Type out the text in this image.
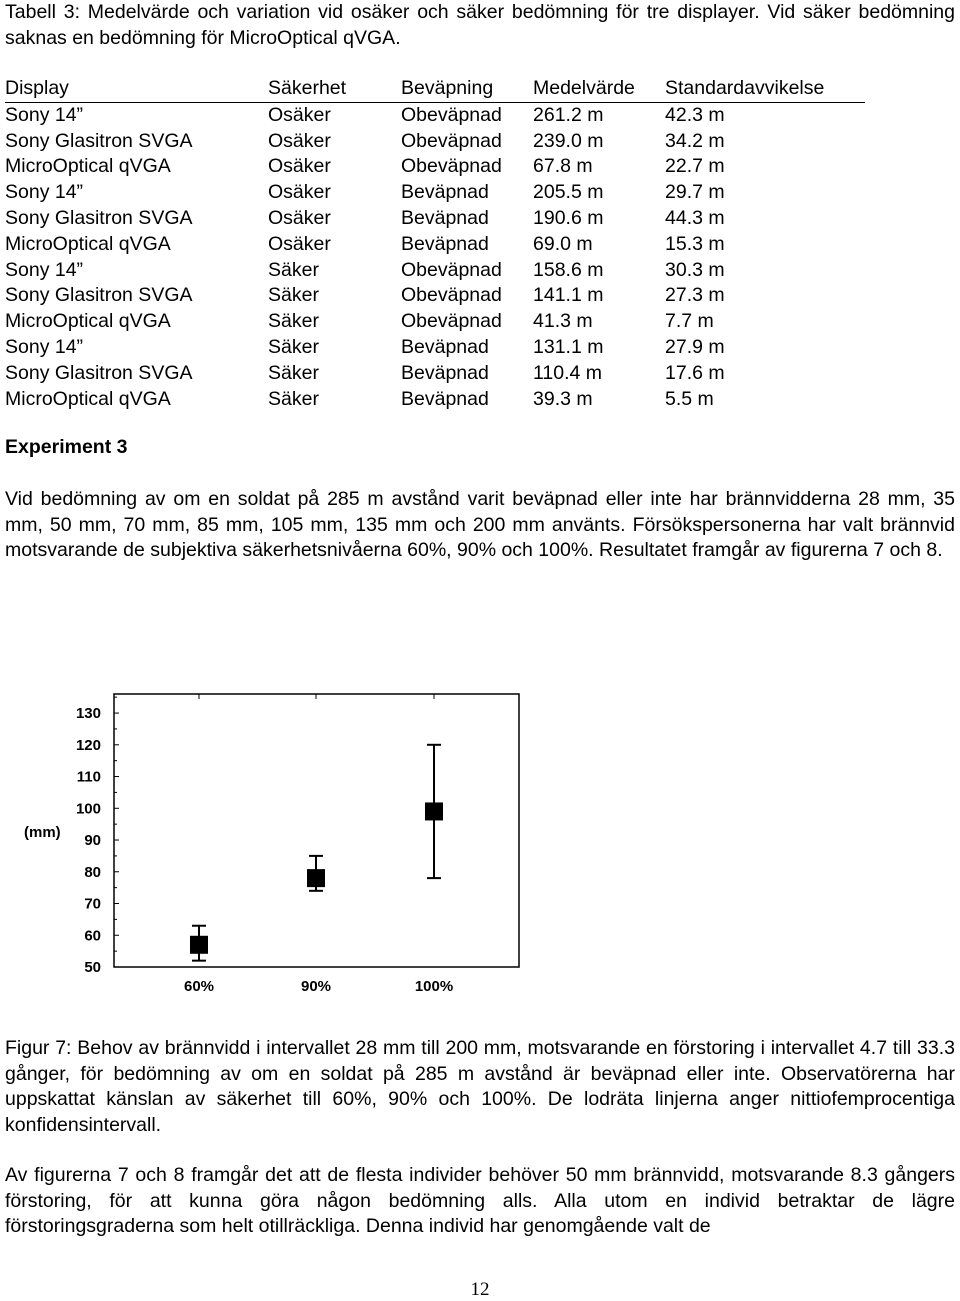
Tabell 3: Medelvärde och variation vid osäker och säker bedömning för tre displayer. Vid säker bedömning saknas en bedömning för MicroOptical qVGA.
Display	Säkerhet	Beväpning	Medelvärde	Standardavvikelse
Sony 14”	Osäker	Obeväpnad	261.2 m	42.3 m
Sony Glasitron SVGA	Osäker	Obeväpnad	239.0 m	34.2 m
MicroOptical qVGA	Osäker	Obeväpnad	67.8 m	22.7 m
Sony 14”	Osäker	Beväpnad	205.5 m	29.7 m
Sony Glasitron SVGA	Osäker	Beväpnad	190.6 m	44.3 m
MicroOptical qVGA	Osäker	Beväpnad	69.0 m	15.3 m
Sony 14”	Säker	Obeväpnad	158.6 m	30.3 m
Sony Glasitron SVGA	Säker	Obeväpnad	141.1 m	27.3 m
MicroOptical qVGA	Säker	Obeväpnad	41.3 m	7.7 m
Sony 14”	Säker	Beväpnad	131.1 m	27.9 m
Sony Glasitron SVGA	Säker	Beväpnad	110.4 m	17.6 m
MicroOptical qVGA	Säker	Beväpnad	39.3 m	5.5 m
Experiment 3
Vid bedömning av om en soldat på 285 m avstånd varit beväpnad eller inte har brännvidderna 28 mm, 35 mm, 50 mm, 70 mm, 85 mm, 105 mm, 135 mm och 200 mm använts. Försökspersonerna har valt brännvid motsvarande de subjektiva säkerhetsnivåerna 60%, 90% och 100%. Resultatet framgår av figurerna 7 och 8.
50
60
70
80
90
100
110
120
130
(mm)
60%	90%	100%
Figur 7: Behov av brännvidd i intervallet 28 mm till 200 mm, motsvarande en förstoring i intervallet 4.7 till 33.3 gånger, för bedömning av om en soldat på 285 m avstånd är beväpnad eller inte. Observatörerna har uppskattat känslan av säkerhet till 60%, 90% och 100%. De lodräta linjerna anger nittiofemprocentiga konfidensintervall.
Av figurerna 7 och 8 framgår det att de flesta individer behöver 50 mm brännvidd, motsvarande 8.3 gångers förstoring, för att kunna göra någon bedömning alls. Alla utom en individ betraktar de lägre förstoringsgraderna som helt otillräckliga. Denna individ har genomgående valt de
12
